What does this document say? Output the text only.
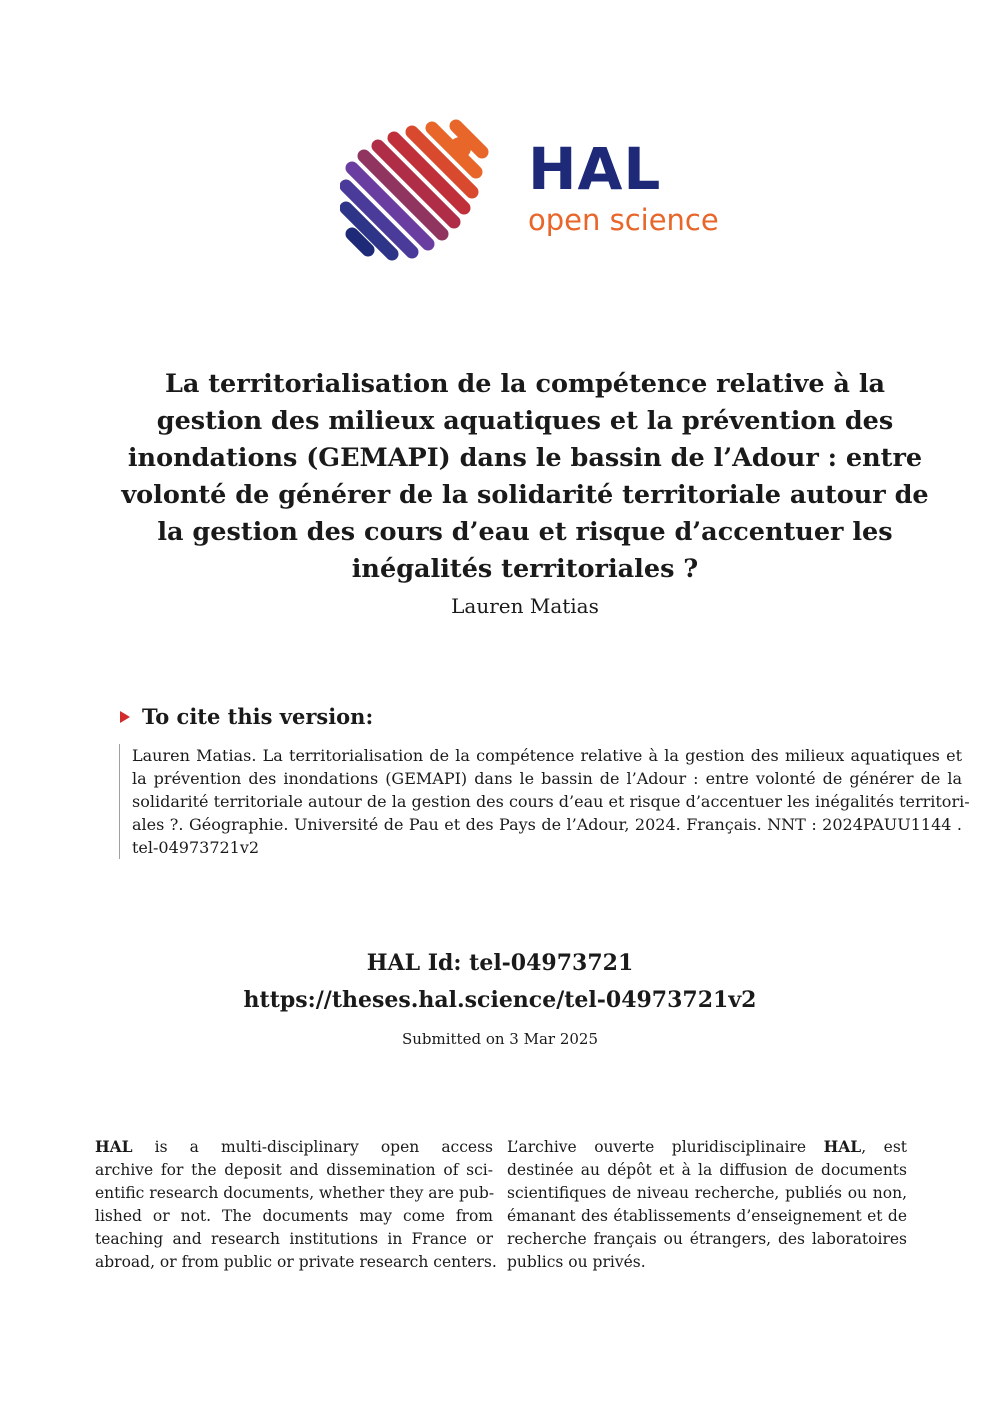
HAL
open science
La territorialisation de la compétence relative à la
gestion des milieux aquatiques et la prévention des
inondations (GEMAPI) dans le bassin de l’Adour : entre
volonté de générer de la solidarité territoriale autour de
la gestion des cours d’eau et risque d’accentuer les
inégalités territoriales ?
Lauren Matias
To cite this version:
Lauren Matias. La territorialisation de la compétence relative à la gestion des milieux aquatiques et
la prévention des inondations (GEMAPI) dans le bassin de l’Adour : entre volonté de générer de la
solidarité territoriale autour de la gestion des cours d’eau et risque d’accentuer les inégalités territori-
ales ?. Géographie. Université de Pau et des Pays de l’Adour, 2024. Français. NNT : 2024PAUU1144 .
tel-04973721v2
HAL Id: tel-04973721
https://theses.hal.science/tel-04973721v2
Submitted on 3 Mar 2025
HAL is a multi-disciplinary open access
archive for the deposit and dissemination of sci-
entific research documents, whether they are pub-
lished or not. The documents may come from
teaching and research institutions in France or
abroad, or from public or private research centers.
L’archive ouverte pluridisciplinaire HAL, est
destinée au dépôt et à la diffusion de documents
scientifiques de niveau recherche, publiés ou non,
émanant des établissements d’enseignement et de
recherche français ou étrangers, des laboratoires
publics ou privés.
